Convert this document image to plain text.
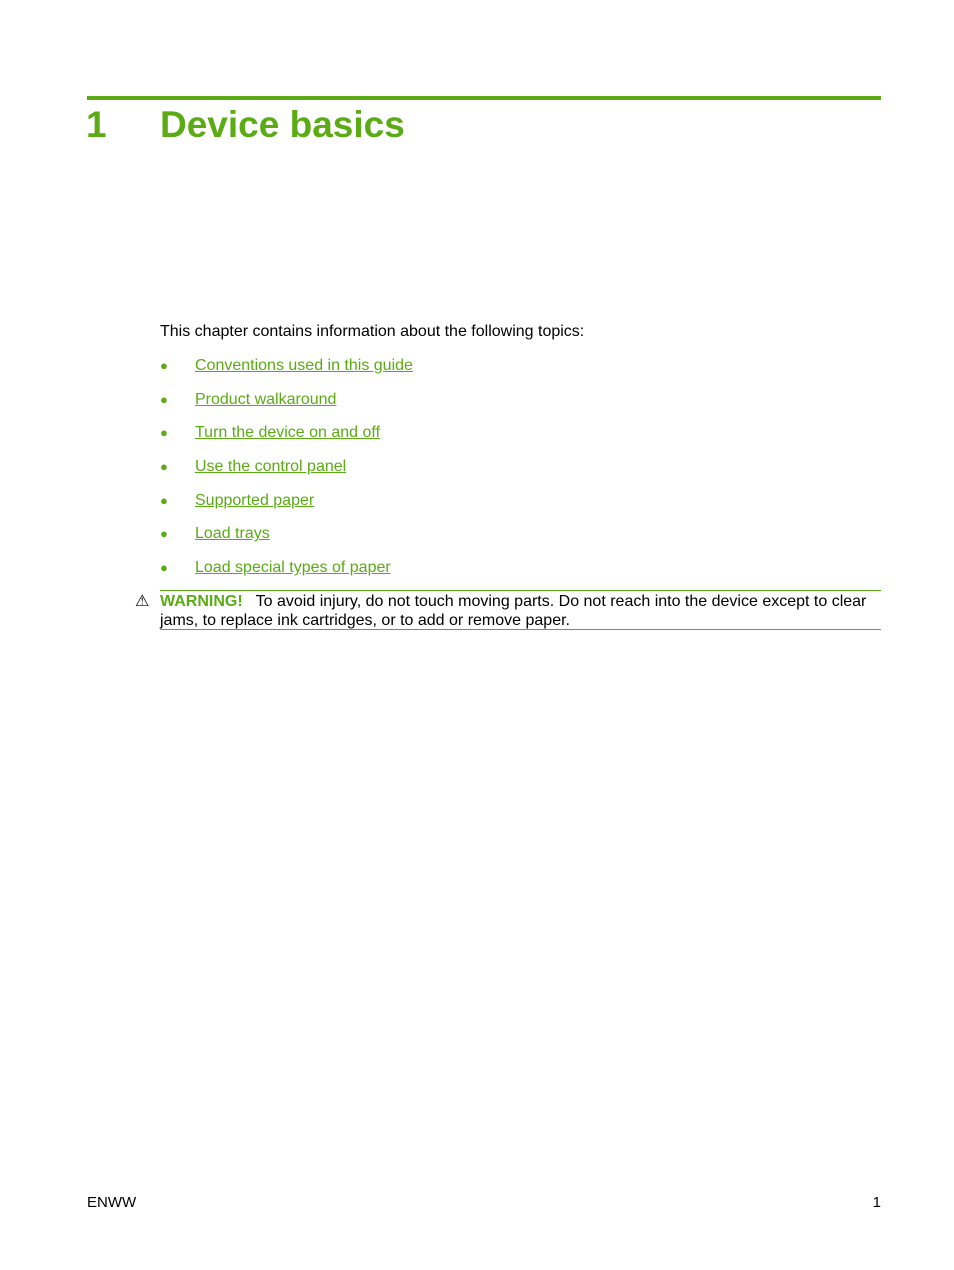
1 Device basics
This chapter contains information about the following topics:
● Conventions used in this guide
● Product walkaround
● Turn the device on and off
● Use the control panel
● Supported paper
● Load trays
● Load special types of paper
⚠ WARNING! To avoid injury, do not touch moving parts. Do not reach into the device except to clear jams, to replace ink cartridges, or to add or remove paper.
ENWW	1
